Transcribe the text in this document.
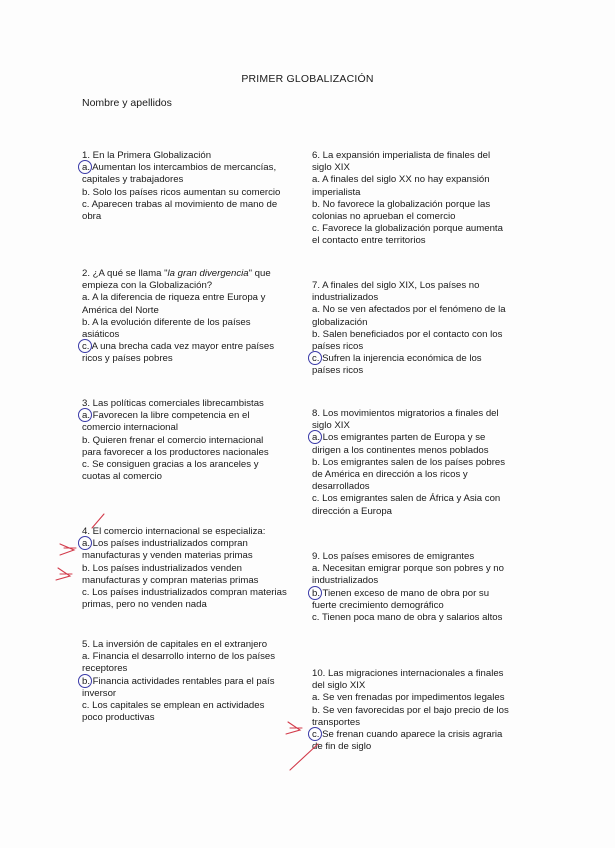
PRIMER GLOBALIZACIÓN
Nombre y apellidos

1. En la Primera Globalización

a. Aumentan los intercambios de mercancías, capitales y trabajadores

b. Solo los países ricos aumentan su comercio

c. Aparecen trabas al movimiento de mano de obra

2. ¿A qué se llama "la gran divergencia" que empieza con la Globalización?

a. A la diferencia de riqueza entre Europa y América del Norte

b. A la evolución diferente de los países asiáticos

c. A una brecha cada vez mayor entre países ricos y países pobres

3. Las políticas comerciales librecambistas

a. Favorecen la libre competencia en el comercio internacional

b. Quieren frenar el comercio internacional para favorecer a los productores nacionales

c. Se consiguen gracias a los aranceles y cuotas al comercio

4. El comercio internacional se especializa:

a. Los países industrializados compran manufacturas y venden materias primas

b. Los países industrializados venden manufacturas y compran materias primas

c. Los países industrializados compran materias primas, pero no venden nada

5. La inversión de capitales en el extranjero

a. Financia el desarrollo interno de los países receptores

b. Financia actividades rentables para el país inversor

c. Los capitales se emplean en actividades poco productivas

6. La expansión imperialista de finales del siglo XIX

a. A finales del siglo XX no hay expansión imperialista

b. No favorece la globalización porque las colonias no aprueban el comercio

c. Favorece la globalización porque aumenta el contacto entre territorios

7. A finales del siglo XIX, Los países no industrializados

a. No se ven afectados por el fenómeno de la globalización

b. Salen beneficiados por el contacto con los países ricos

c. Sufren la injerencia económica de los países ricos

8. Los movimientos migratorios a finales del siglo XIX

a. Los emigrantes parten de Europa y se dirigen a los continentes menos poblados

b. Los emigrantes salen de los países pobres de América en dirección a los ricos y desarrollados

c. Los emigrantes salen de África y Asia con dirección a Europa

9. Los países emisores de emigrantes

a. Necesitan emigrar porque son pobres y no industrializados

b. Tienen exceso de mano de obra por su fuerte crecimiento demográfico

c. Tienen poca mano de obra y salarios altos

10. Las migraciones internacionales a finales del siglo XIX

a. Se ven frenadas por impedimentos legales

b. Se ven favorecidas por el bajo precio de los transportes

c. Se frenan cuando aparece la crisis agraria de fin de siglo
